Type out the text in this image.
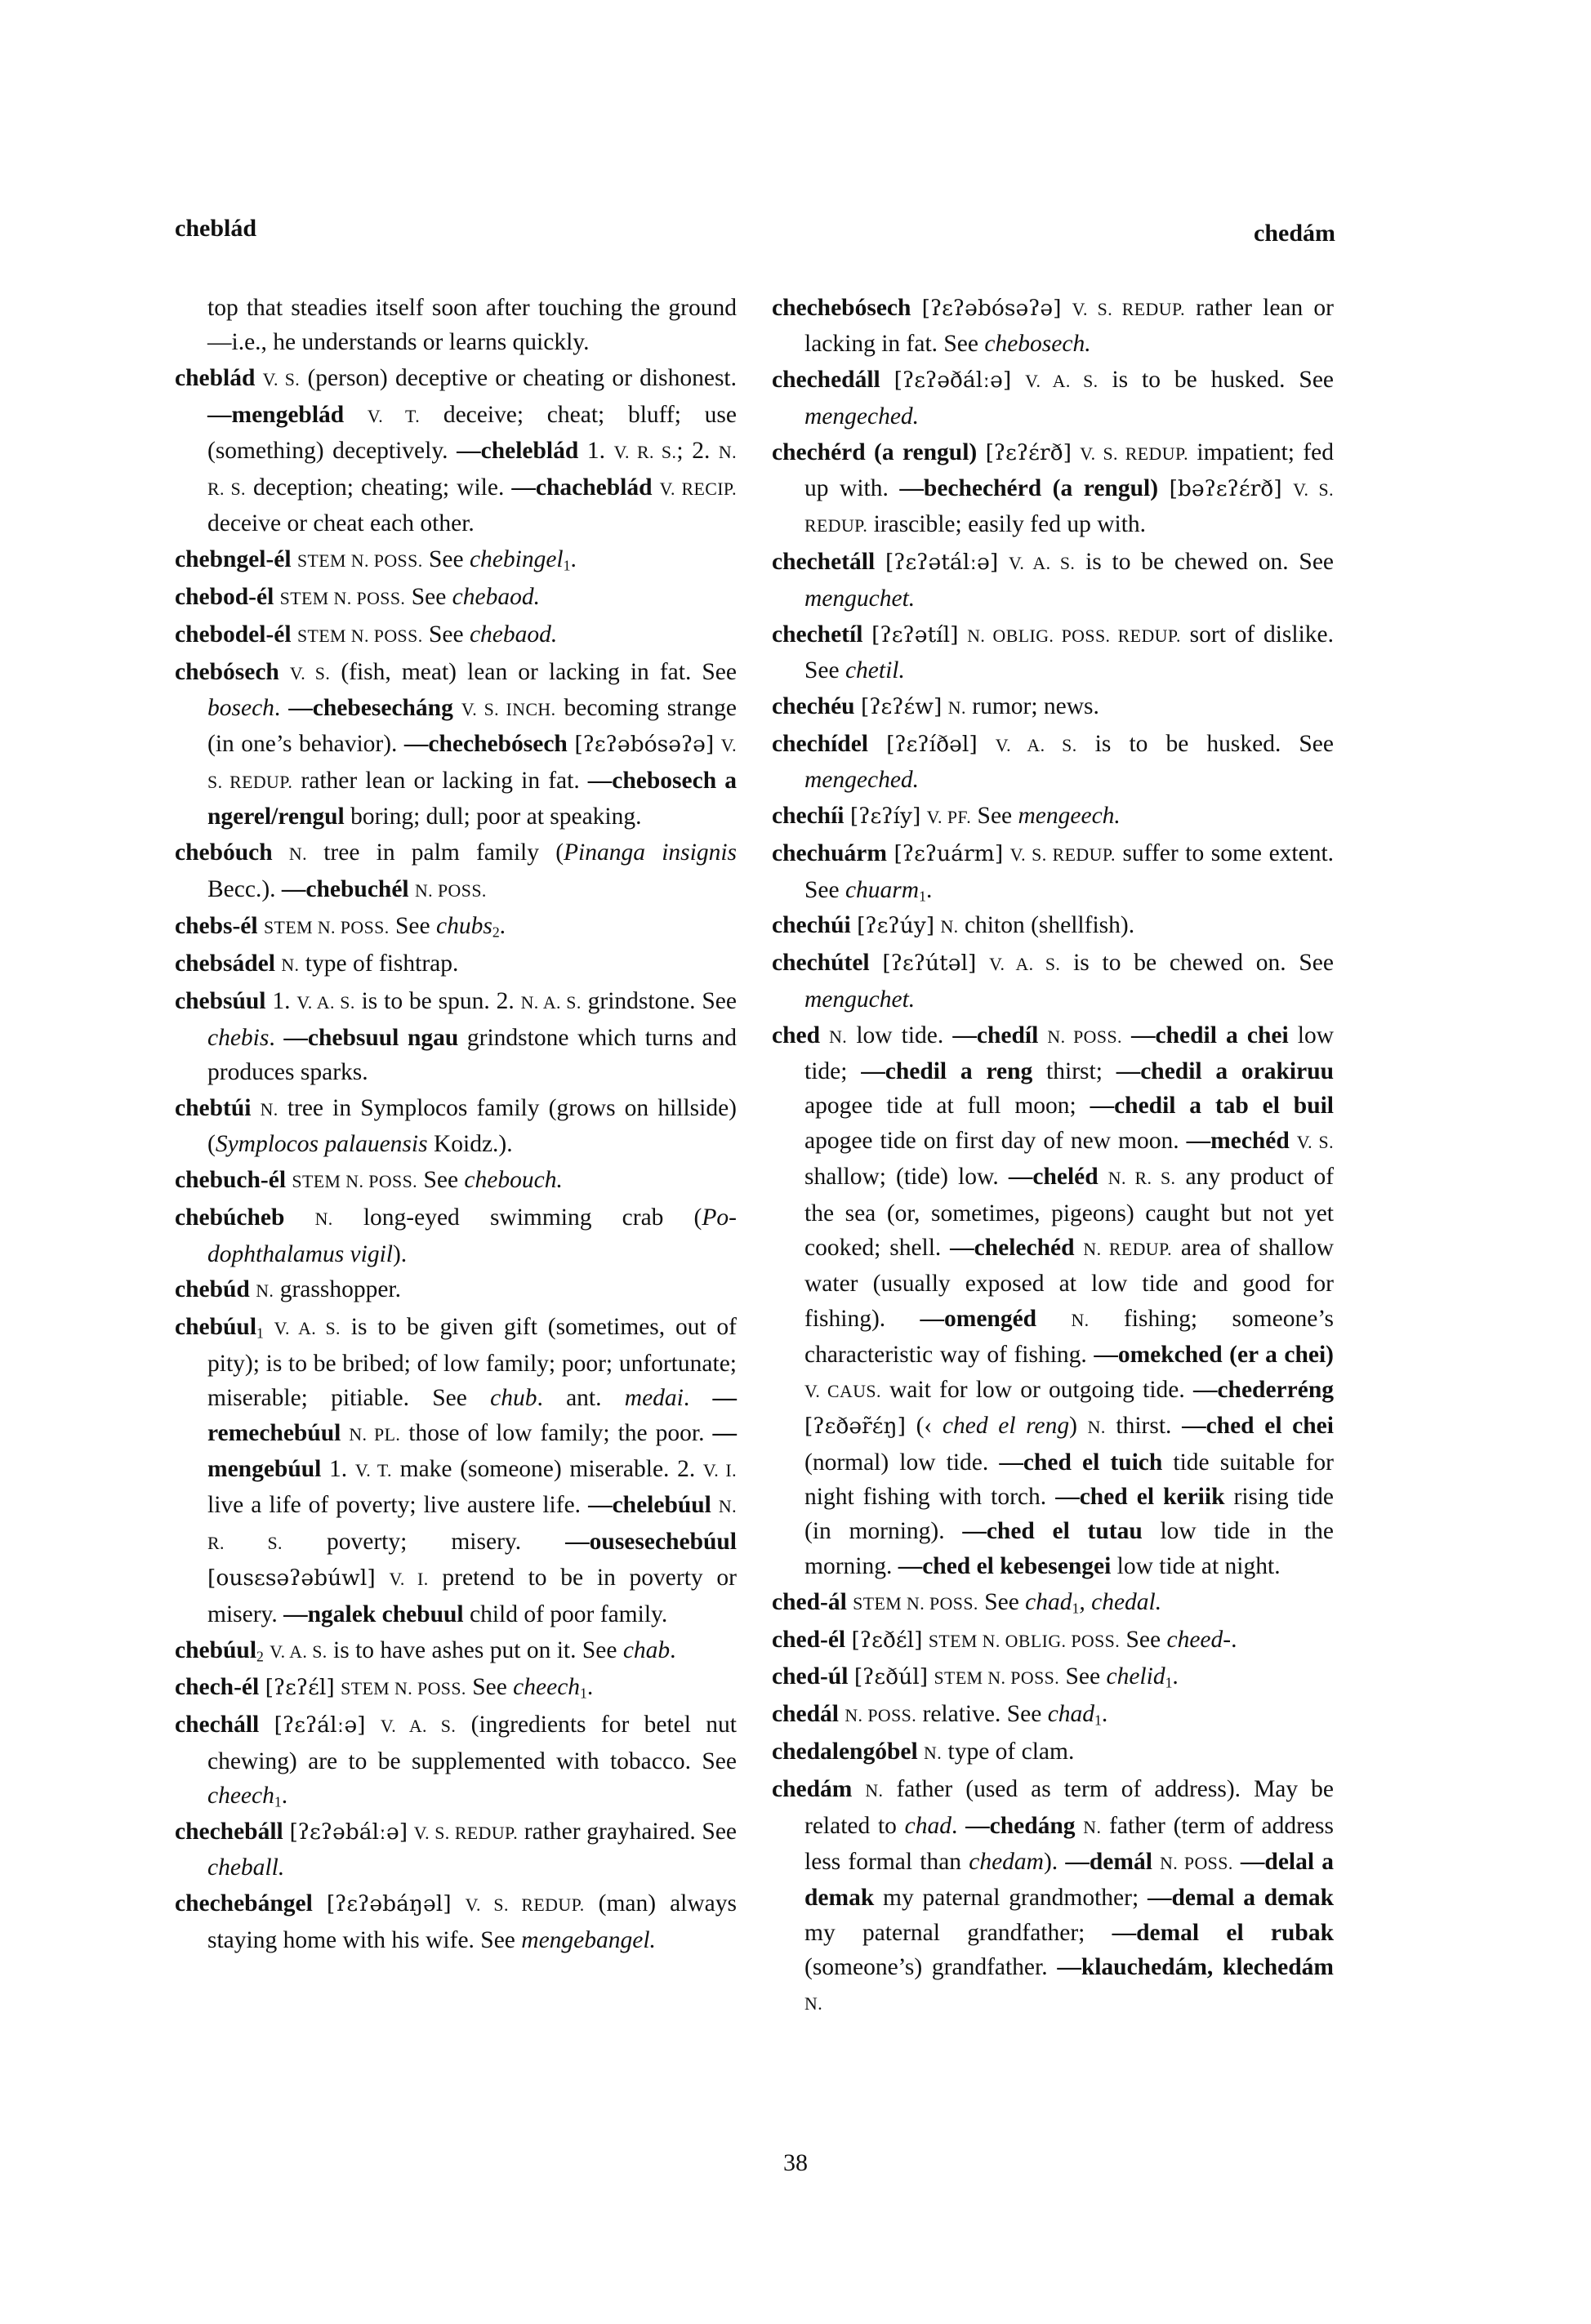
cheblád	chedám

top that steadies itself soon after touching the ground—i.e., he understands or learns quickly.

cheblád V. S. (person) deceptive or cheating or dishonest. —mengeblád V. T. deceive; cheat; bluff; use (something) deceptively. —cheleblád 1. V. R. S.; 2. N. R. S. deception; cheating; wile. —chacheblád V. RECIP. deceive or cheat each other.

chebngel-él STEM N. POSS. See chebingel$_1$.

chebod-él STEM N. POSS. See chebaod.

chebodel-él STEM N. POSS. See chebaod.

chebósech V. S. (fish, meat) lean or lacking in fat. See bosech. —chebesecháng V. S. INCH. becoming strange (in one’s behavior). —chechebósech [ʔɛʔəbósəʔə] V. S. REDUP. rather lean or lacking in fat. —chebosech a ngerel/rengul boring; dull; poor at speaking.

chebóuch N. tree in palm family (Pinanga insignis Becc.). —chebuchél N. POSS.

chebs-él STEM N. POSS. See chubs$_2$.

chebsádel N. type of fishtrap.

chebsúul 1. V. A. S. is to be spun. 2. N. A. S. grindstone. See chebis. —chebsuul ngau grindstone which turns and produces sparks.

chebtúi N. tree in Symplocos family (grows on hillside) (Symplocos palauensis Koidz.).

chebuch-él STEM N. POSS. See chebouch.

chebúcheb N. long-eyed swimming crab (Podophthalamus vigil).

chebúd N. grasshopper.

chebúul$_1$ V. A. S. is to be given gift (sometimes, out of pity); is to be bribed; of low family; poor; unfortunate; miserable; pitiable. See chub. ant. medai. —remechebúul N. PL. those of low family; the poor. —mengebúul 1. V. T. make (someone) miserable. 2. V. I. live a life of poverty; live austere life. —chelebúul N. R. S. poverty; misery. —ousesechebúul [ousɛsəʔəbúwl] V. I. pretend to be in poverty or misery. —ngalek chebuul child of poor family.

chebúul$_2$ V. A. S. is to have ashes put on it. See chab.

chech-él [ʔɛʔɛ́l] STEM N. POSS. See cheech$_1$.

checháll [ʔɛʔálːə] V. A. S. (ingredients for betel nut chewing) are to be supplemented with tobacco. See cheech$_1$.

chechebáll [ʔɛʔəbálːə] V. S. REDUP. rather grayhaired. See cheball.

chechebángel [ʔɛʔəbáŋəl] V. S. REDUP. (man) always staying home with his wife. See mengebangel.

chechebósech [ʔɛʔəbósəʔə] V. S. REDUP. rather lean or lacking in fat. See chebosech.

chechedáll [ʔɛʔəðálːə] V. A. S. is to be husked. See mengeched.

chechérd (a rengul) [ʔɛʔɛ́rð] V. S. REDUP. impatient; fed up with. —bechechérd (a rengul) [bəʔɛʔɛ́rð] V. S. REDUP. irascible; easily fed up with.

chechetáll [ʔɛʔətálːə] V. A. S. is to be chewed on. See menguchet.

chechetíl [ʔɛʔətíl] N. OBLIG. POSS. REDUP. sort of dislike. See chetil.

chechéu [ʔɛʔɛ́w] N. rumor; news.

chechídel [ʔɛʔíðəl] V. A. S. is to be husked. See mengeched.

chechíi [ʔɛʔíy] V. PF. See mengeech.

chechuárm [ʔɛʔuárm] V. S. REDUP. suffer to some extent. See chuarm$_1$.

chechúi [ʔɛʔúy] N. chiton (shellfish).

chechútel [ʔɛʔútəl] V. A. S. is to be chewed on. See menguchet.

ched N. low tide. —chedíl N. POSS. —chedil a chei low tide; —chedil a reng thirst; —chedil a orakiruu apogee tide at full moon; —chedil a tab el buil apogee tide on first day of new moon. —mechéd V. S. shallow; (tide) low. —cheléd N. R. S. any product of the sea (or, sometimes, pigeons) caught but not yet cooked; shell. —chelechéd N. REDUP. area of shallow water (usually exposed at low tide and good for fishing). —omengéd N. fishing; someone’s characteristic way of fishing. —omekched (er a chei) V. CAUS. wait for low or outgoing tide. —chederréng [ʔɛðər̃ɛ́ŋ] (‹ ched el reng) N. thirst. —ched el chei (normal) low tide. —ched el tuich tide suitable for night fishing with torch. —ched el keriik rising tide (in morning). —ched el tutau low tide in the morning. —ched el kebesengei low tide at night.

ched-ál STEM N. POSS. See chad$_1$, chedal.

ched-él [ʔɛðɛ́l] STEM N. OBLIG. POSS. See cheed-.

ched-úl [ʔɛðúl] STEM N. POSS. See chelid$_1$.

chedál N. POSS. relative. See chad$_1$.

chedalengóbel N. type of clam.

chedám N. father (used as term of address). May be related to chad. —chedáng N. father (term of address less formal than chedam). —demál N. POSS. —delal a demak my paternal grandmother; —demal a demak my paternal grandfather; —demal el rubak (someone’s) grandfather. —klauchedám, klechedám N.

38
